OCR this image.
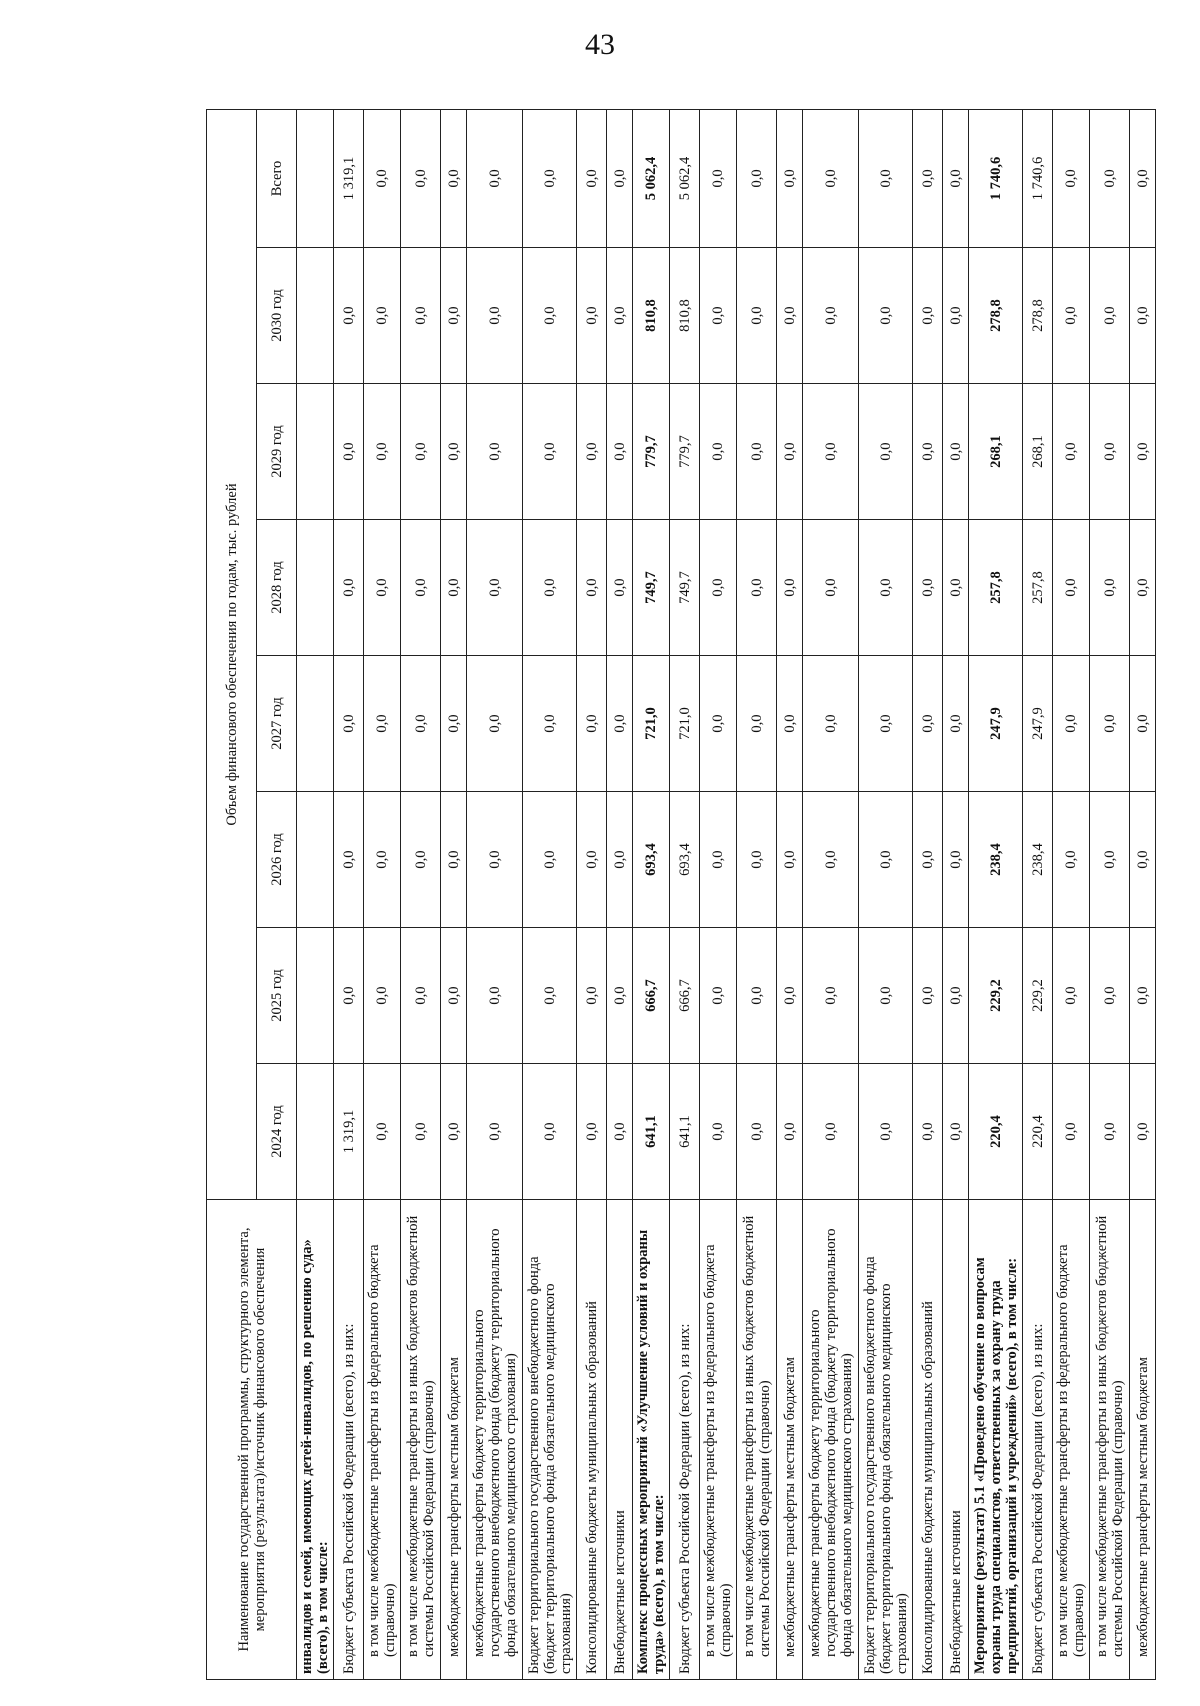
43
Наименование государственной программы, структурного элемента, мероприятия (результата)/источник финансового обеспечения	Объем финансового обеспечения по годам, тыс. рублей							
	2024 год	2025 год	2026 год	2027 год	2028 год	2029 год	2030 год	Всего
инвалидов и семей, имеющих детей-инвалидов, по решению суда» (всего), в том числе:								
Бюджет субъекта Российской Федерации (всего), из них:	1 319,1	0,0	0,0	0,0	0,0	0,0	0,0	1 319,1
в том числе межбюджетные трансферты из федерального бюджета (справочно)	0,0	0,0	0,0	0,0	0,0	0,0	0,0	0,0
в том числе межбюджетные трансферты из иных бюджетов бюджетной системы Российской Федерации (справочно)	0,0	0,0	0,0	0,0	0,0	0,0	0,0	0,0
межбюджетные трансферты местным бюджетам	0,0	0,0	0,0	0,0	0,0	0,0	0,0	0,0
межбюджетные трансферты бюджету территориального государственного внебюджетного фонда (бюджету территориального фонда обязательного медицинского страхования)	0,0	0,0	0,0	0,0	0,0	0,0	0,0	0,0
Бюджет территориального государственного внебюджетного фонда (бюджет территориального фонда обязательного медицинского страхования)	0,0	0,0	0,0	0,0	0,0	0,0	0,0	0,0
Консолидированные бюджеты муниципальных образований	0,0	0,0	0,0	0,0	0,0	0,0	0,0	0,0
Внебюджетные источники	0,0	0,0	0,0	0,0	0,0	0,0	0,0	0,0
Комплекс процессных мероприятий «Улучшение условий и охраны труда» (всего), в том числе:	641,1	666,7	693,4	721,0	749,7	779,7	810,8	5 062,4
Бюджет субъекта Российской Федерации (всего), из них:	641,1	666,7	693,4	721,0	749,7	779,7	810,8	5 062,4
в том числе межбюджетные трансферты из федерального бюджета (справочно)	0,0	0,0	0,0	0,0	0,0	0,0	0,0	0,0
в том числе межбюджетные трансферты из иных бюджетов бюджетной системы Российской Федерации (справочно)	0,0	0,0	0,0	0,0	0,0	0,0	0,0	0,0
межбюджетные трансферты местным бюджетам	0,0	0,0	0,0	0,0	0,0	0,0	0,0	0,0
межбюджетные трансферты бюджету территориального государственного внебюджетного фонда (бюджету территориального фонда обязательного медицинского страхования)	0,0	0,0	0,0	0,0	0,0	0,0	0,0	0,0
Бюджет территориального государственного внебюджетного фонда (бюджет территориального фонда обязательного медицинского страхования)	0,0	0,0	0,0	0,0	0,0	0,0	0,0	0,0
Консолидированные бюджеты муниципальных образований	0,0	0,0	0,0	0,0	0,0	0,0	0,0	0,0
Внебюджетные источники	0,0	0,0	0,0	0,0	0,0	0,0	0,0	0,0
Мероприятие (результат) 5.1 «Проведено обучение по вопросам охраны труда специалистов, ответственных за охрану труда предприятий, организаций и учреждений» (всего), в том числе:	220,4	229,2	238,4	247,9	257,8	268,1	278,8	1 740,6
Бюджет субъекта Российской Федерации (всего), из них:	220,4	229,2	238,4	247,9	257,8	268,1	278,8	1 740,6
в том числе межбюджетные трансферты из федерального бюджета (справочно)	0,0	0,0	0,0	0,0	0,0	0,0	0,0	0,0
в том числе межбюджетные трансферты из иных бюджетов бюджетной системы Российской Федерации (справочно)	0,0	0,0	0,0	0,0	0,0	0,0	0,0	0,0
межбюджетные трансферты местным бюджетам	0,0	0,0	0,0	0,0	0,0	0,0	0,0	0,0
